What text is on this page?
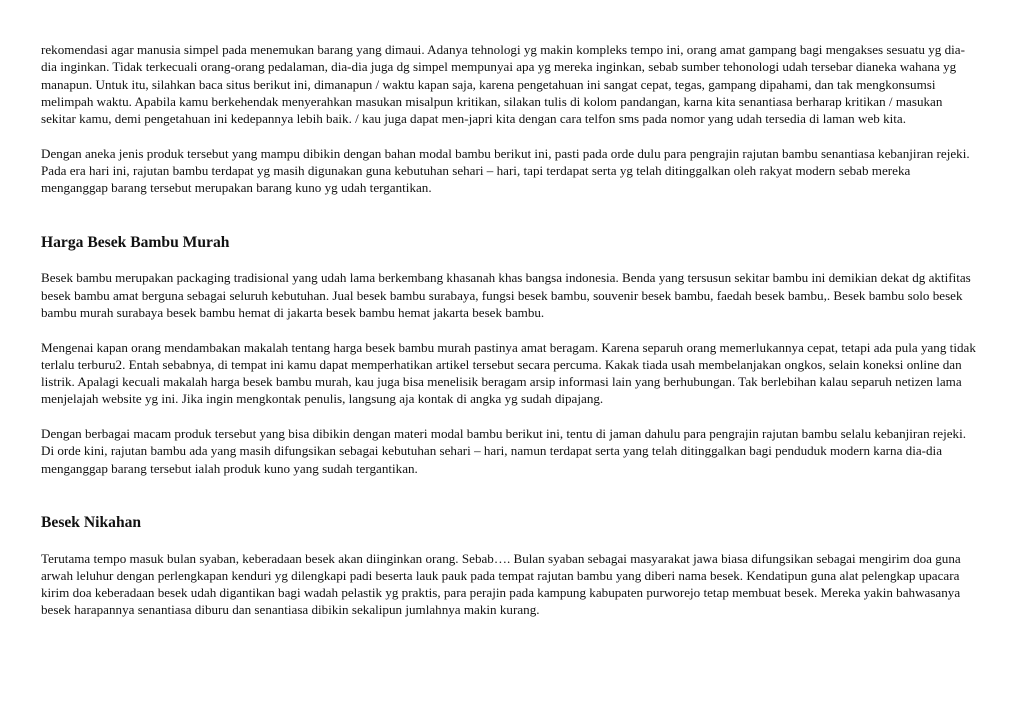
rekomendasi agar manusia simpel pada menemukan barang yang dimaui. Adanya tehnologi yg makin kompleks tempo ini, orang amat gampang bagi mengakses sesuatu yg dia-dia inginkan. Tidak terkecuali orang-orang pedalaman, dia-dia juga dg simpel mempunyai apa yg mereka inginkan, sebab sumber tehonologi udah tersebar dianeka wahana yg manapun. Untuk itu, silahkan baca situs berikut ini, dimanapun / waktu kapan saja, karena pengetahuan ini sangat cepat, tegas, gampang dipahami, dan tak mengkonsumsi melimpah waktu. Apabila kamu berkehendak menyerahkan masukan misalpun kritikan, silakan tulis di kolom pandangan, karna kita senantiasa berharap kritikan / masukan sekitar kamu, demi pengetahuan ini kedepannya lebih baik. / kau juga dapat men-japri kita dengan cara telfon sms pada nomor yang udah tersedia di laman web kita.

Dengan aneka jenis produk tersebut yang mampu dibikin dengan bahan modal bambu berikut ini, pasti pada orde dulu para pengrajin rajutan bambu senantiasa kebanjiran rejeki. Pada era hari ini, rajutan bambu terdapat yg masih digunakan guna kebutuhan sehari – hari, tapi terdapat serta yg telah ditinggalkan oleh rakyat modern sebab mereka menganggap barang tersebut merupakan barang kuno yg udah tergantikan.

Harga Besek Bambu Murah

Besek bambu merupakan packaging tradisional yang udah lama berkembang khasanah khas bangsa indonesia. Benda yang tersusun sekitar bambu ini demikian dekat dg aktifitas besek bambu amat berguna sebagai seluruh kebutuhan. Jual besek bambu surabaya, fungsi besek bambu, souvenir besek bambu, faedah besek bambu,. Besek bambu solo besek bambu murah surabaya besek bambu hemat di jakarta besek bambu hemat jakarta besek bambu.

Mengenai kapan orang mendambakan makalah tentang harga besek bambu murah pastinya amat beragam. Karena separuh orang memerlukannya cepat, tetapi ada pula yang tidak terlalu terburu2. Entah sebabnya, di tempat ini kamu dapat memperhatikan artikel tersebut secara percuma. Kakak tiada usah membelanjakan ongkos, selain koneksi online dan listrik. Apalagi kecuali makalah harga besek bambu murah, kau juga bisa menelisik beragam arsip informasi lain yang berhubungan. Tak berlebihan kalau separuh netizen lama menjelajah website yg ini. Jika ingin mengkontak penulis, langsung aja kontak di angka yg sudah dipajang.

Dengan berbagai macam produk tersebut yang bisa dibikin dengan materi modal bambu berikut ini, tentu di jaman dahulu para pengrajin rajutan bambu selalu kebanjiran rejeki. Di orde kini, rajutan bambu ada yang masih difungsikan sebagai kebutuhan sehari – hari, namun terdapat serta yang telah ditinggalkan bagi penduduk modern karna dia-dia menganggap barang tersebut ialah produk kuno yang sudah tergantikan.

Besek Nikahan

Terutama tempo masuk bulan syaban, keberadaan besek akan diinginkan orang. Sebab…. Bulan syaban sebagai masyarakat jawa biasa difungsikan sebagai mengirim doa guna arwah leluhur dengan perlengkapan kenduri yg dilengkapi padi beserta lauk pauk pada tempat rajutan bambu yang diberi nama besek. Kendatipun guna alat pelengkap upacara kirim doa keberadaan besek udah digantikan bagi wadah pelastik yg praktis, para perajin pada kampung kabupaten purworejo tetap membuat besek. Mereka yakin bahwasanya besek harapannya senantiasa diburu dan senantiasa dibikin sekalipun jumlahnya makin kurang.
